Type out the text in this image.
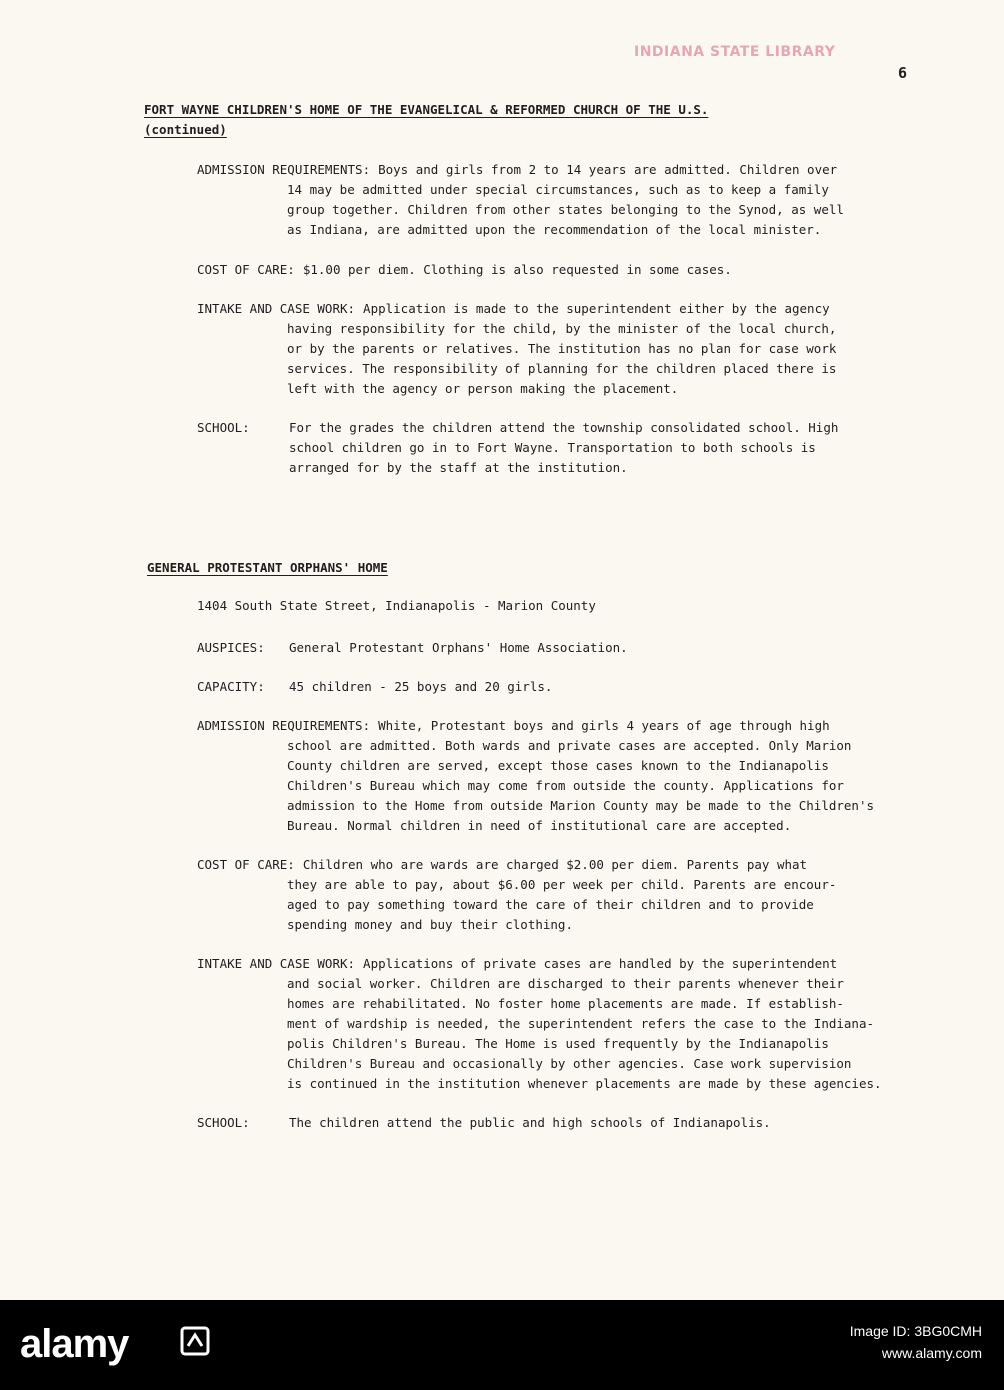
INDIANA STATE LIBRARY
6
FORT WAYNE CHILDREN'S HOME OF THE EVANGELICAL & REFORMED CHURCH OF THE U.S.
(continued)
ADMISSION REQUIREMENTS: Boys and girls from 2 to 14 years are admitted. Children over

14 may be admitted under special circumstances, such as to keep a family

group together. Children from other states belonging to the Synod, as well

as Indiana, are admitted upon the recommendation of the local minister.

COST OF CARE: $1.00 per diem. Clothing is also requested in some cases.
INTAKE AND CASE WORK: Application is made to the superintendent either by the agency

having responsibility for the child, by the minister of the local church,

or by the parents or relatives. The institution has no plan for case work

services. The responsibility of planning for the children placed there is

left with the agency or person making the placement.

SCHOOL:	For the grades the children attend the township consolidated school. High

school children go in to Fort Wayne. Transportation to both schools is

arranged for by the staff at the institution.

GENERAL PROTESTANT ORPHANS' HOME
1404 South State Street, Indianapolis - Marion County
AUSPICES:	General Protestant Orphans' Home Association.
CAPACITY:	45 children - 25 boys and 20 girls.
ADMISSION REQUIREMENTS: White, Protestant boys and girls 4 years of age through high

school are admitted. Both wards and private cases are accepted. Only Marion

County children are served, except those cases known to the Indianapolis

Children's Bureau which may come from outside the county. Applications for

admission to the Home from outside Marion County may be made to the Children's

Bureau. Normal children in need of institutional care are accepted.

COST OF CARE: Children who are wards are charged $2.00 per diem. Parents pay what

they are able to pay, about $6.00 per week per child. Parents are encour-

aged to pay something toward the care of their children and to provide

spending money and buy their clothing.

INTAKE AND CASE WORK: Applications of private cases are handled by the superintendent

and social worker. Children are discharged to their parents whenever their

homes are rehabilitated. No foster home placements are made. If establish-

ment of wardship is needed, the superintendent refers the case to the Indiana-

polis Children's Bureau. The Home is used frequently by the Indianapolis

Children's Bureau and occasionally by other agencies. Case work supervision

is continued in the institution whenever placements are made by these agencies.

SCHOOL:	The children attend the public and high schools of Indianapolis.
alamy	Image ID: 3BG0CMH
www.alamy.com
